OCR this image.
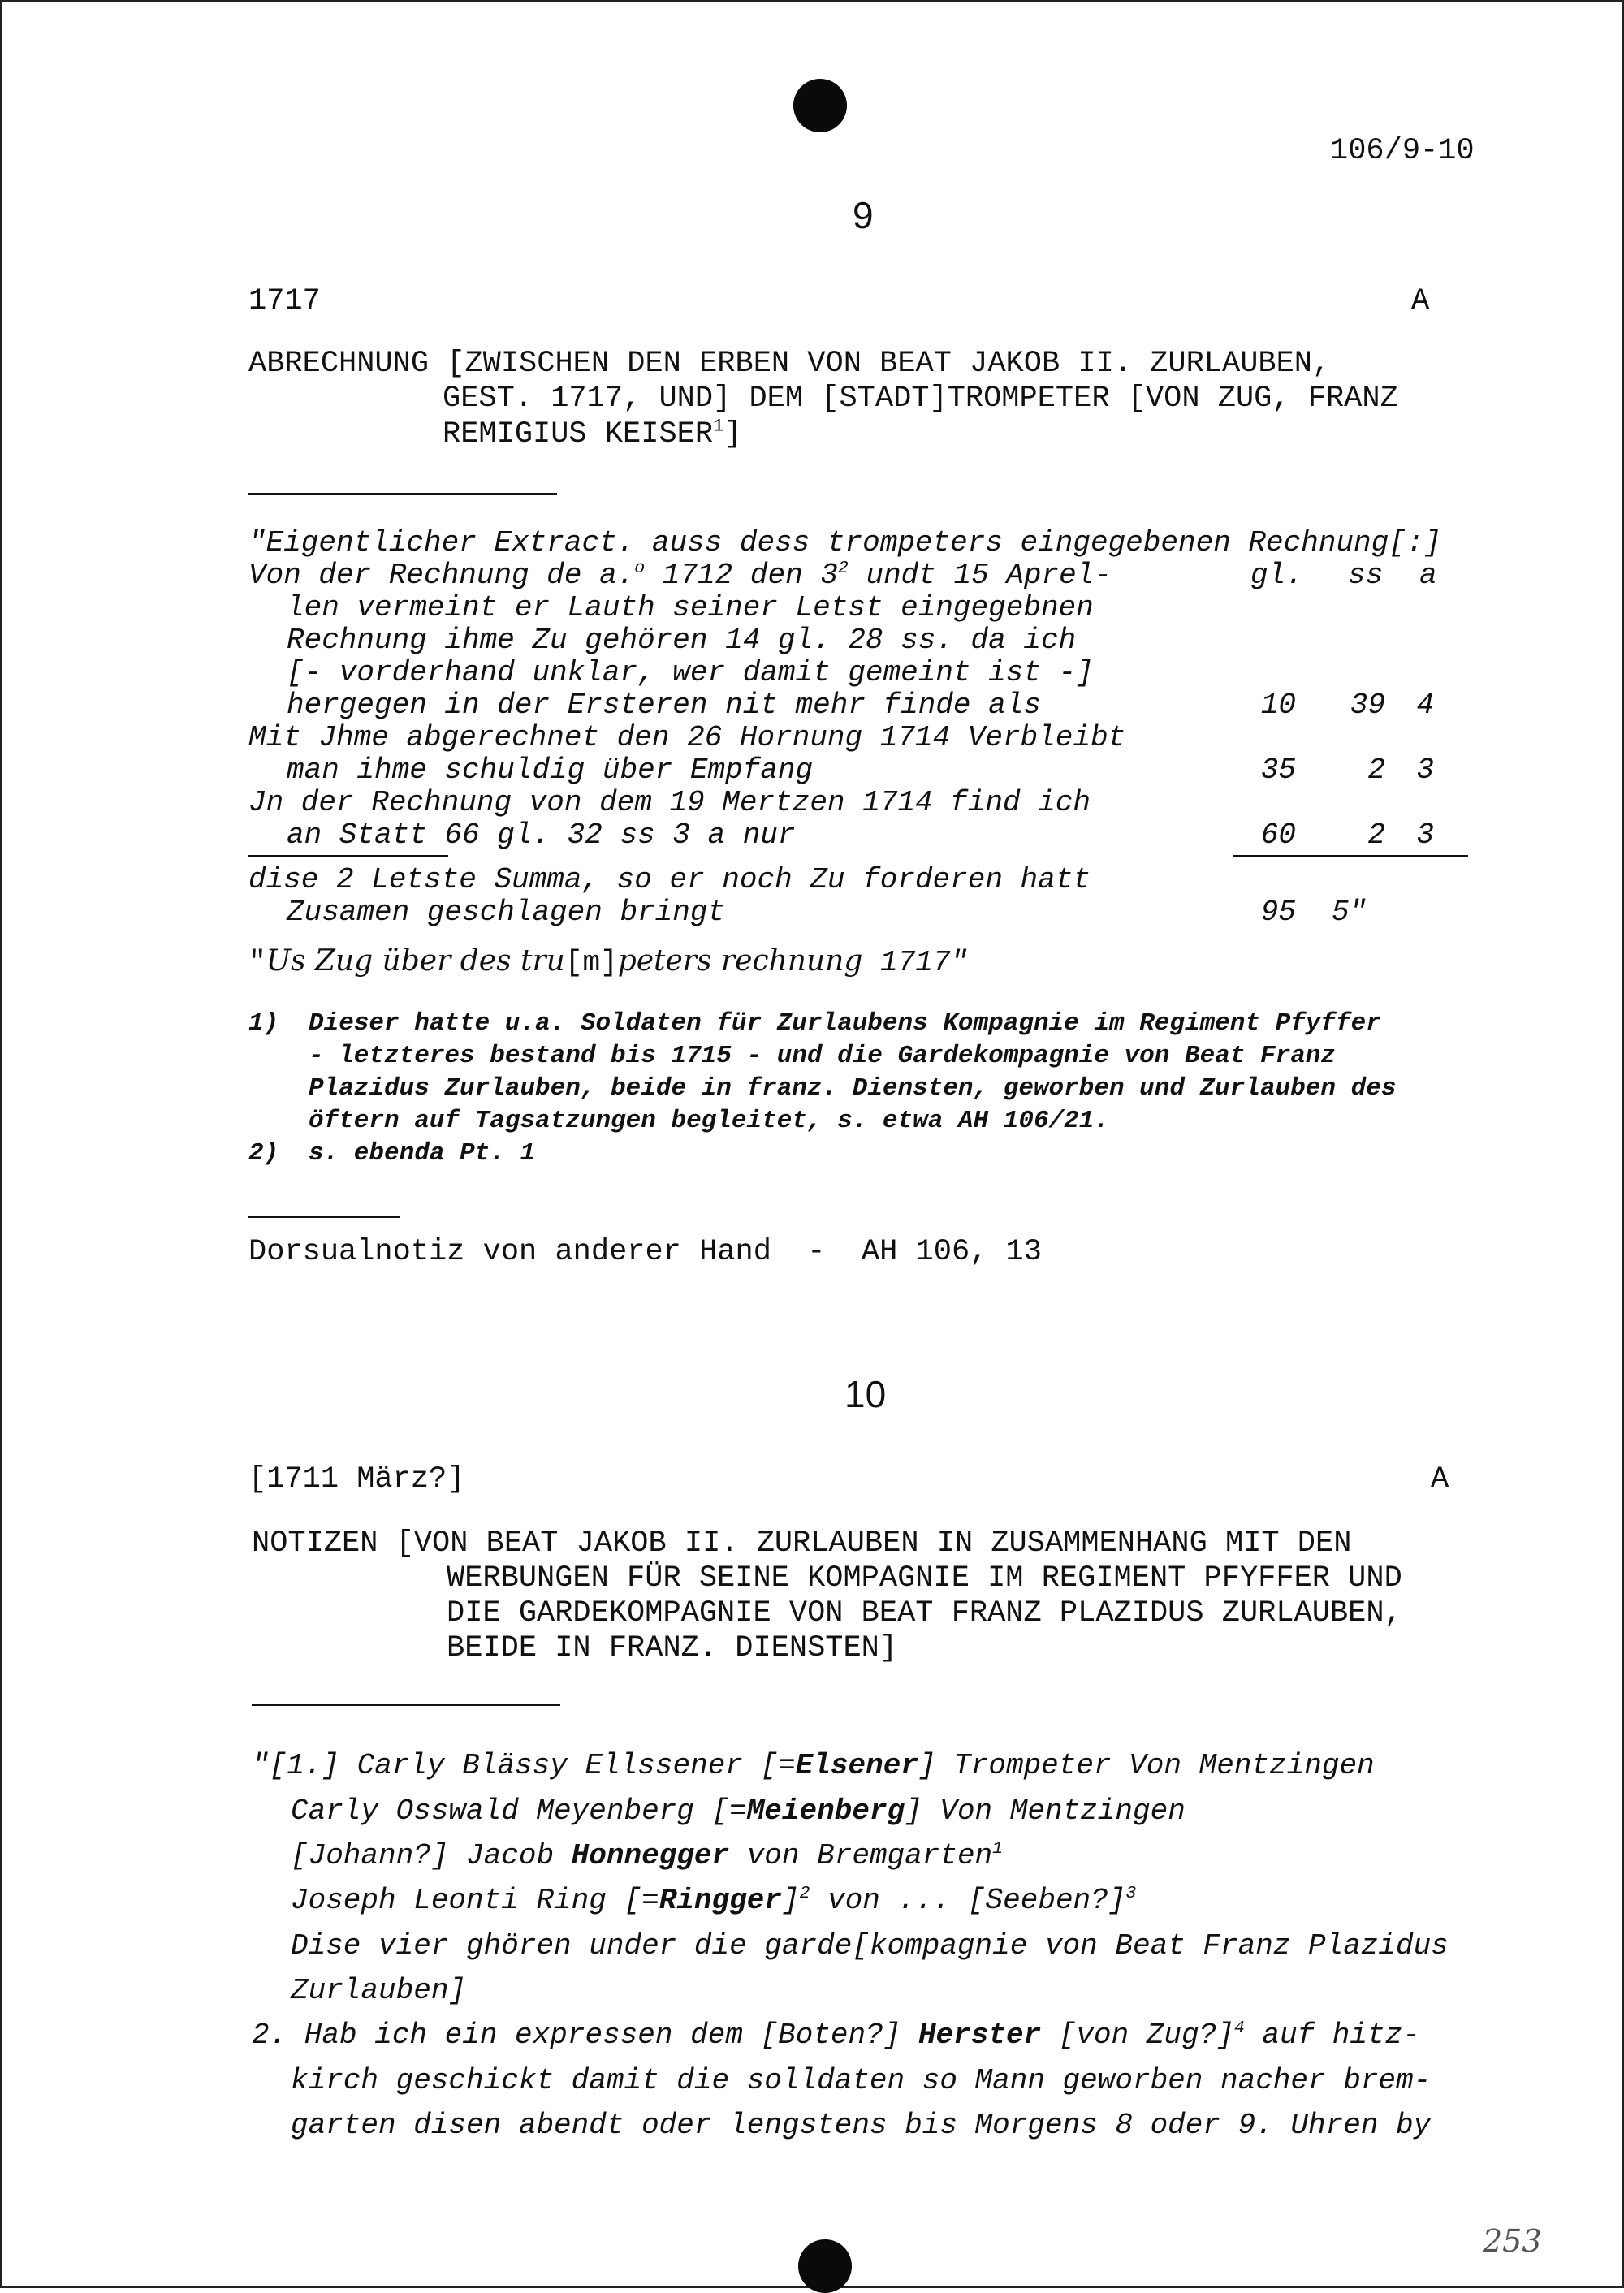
106/9-10
9
1717	A
ABRECHNUNG [ZWISCHEN DEN ERBEN VON BEAT JAKOB II. ZURLAUBEN,
GEST. 1717, UND] DEM [STADT]TROMPETER [VON ZUG, FRANZ
REMIGIUS KEISER$^1$]
"Eigentlicher Extract. auss dess trompeters eingegebenen Rechnung[:]
Von der Rechnung de a.$^o$ 1712 den $3^2$ undt 15 Aprel-	gl.	ss	a
len vermeint er Lauth seiner Letst eingegebnen
Rechnung ihme Zu gehören 14 gl. 28 ss. da ich
[- vorderhand unklar, wer damit gemeint ist -]
hergegen in der Ersteren nit mehr finde als	10	39	4
Mit Jhme abgerechnet den 26 Hornung 1714 Verbleibt
man ihme schuldig über Empfang	35	2	3
Jn der Rechnung von dem 19 Mertzen 1714 find ich
an Statt 66 gl. 32 ss 3 a nur	60	2	3
dise 2 Letste Summa, so er noch Zu forderen hatt
Zusamen geschlagen bringt	95 5"
"Us Zug über des tru[m]peters rechnung 1717"
1) Dieser hatte u.a. Soldaten für Zurlaubens Kompagnie im Regiment Pfyffer
- letzteres bestand bis 1715 - und die Gardekompagnie von Beat Franz
Plazidus Zurlauben, beide in franz. Diensten, geworben und Zurlauben des
öftern auf Tagsatzungen begleitet, s. etwa AH 106/21.
2) s. ebenda Pt. 1
Dorsualnotiz von anderer Hand  -  AH 106, 13
10
[1711 März?]	A
NOTIZEN [VON BEAT JAKOB II. ZURLAUBEN IN ZUSAMMENHANG MIT DEN
WERBUNGEN FÜR SEINE KOMPAGNIE IM REGIMENT PFYFFER UND
DIE GARDEKOMPAGNIE VON BEAT FRANZ PLAZIDUS ZURLAUBEN,
BEIDE IN FRANZ. DIENSTEN]
"[1.] Carly Blässy Ellssener [=Elsener] Trompeter Von Mentzingen
Carly Osswald Meyenberg [=Meienberg] Von Mentzingen
[Johann?] Jacob Honnegger von Bremgarten$^1$
Joseph Leonti Ring [=Ringger]$^2$ von ... [Seeben?]$^3$
Dise vier ghören under die garde[kompagnie von Beat Franz Plazidus
Zurlauben]
2. Hab ich ein expressen dem [Boten?] Herster [von Zug?]$^4$ auf hitz-
kirch geschickt damit die solldaten so Mann geworben nacher brem-
garten disen abendt oder lengstens bis Morgens 8 oder 9. Uhren by
253
